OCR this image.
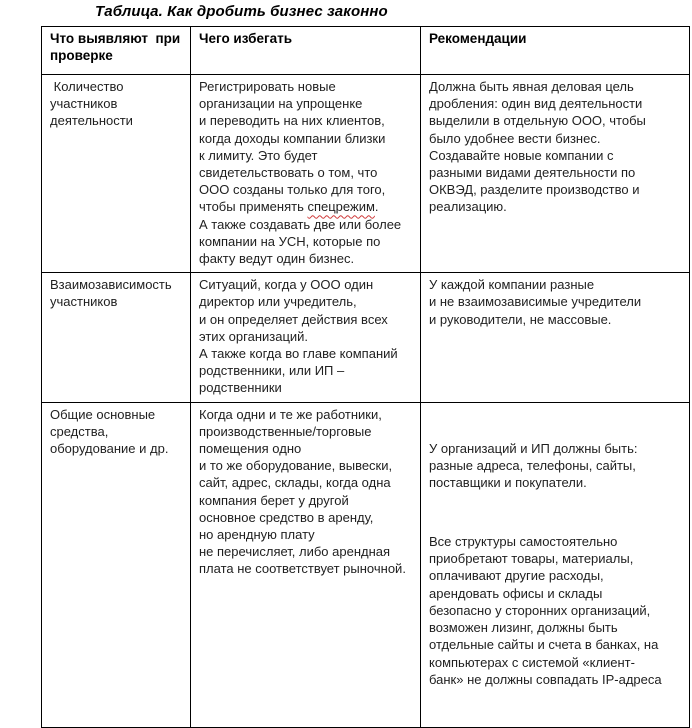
Таблица. Как дробить бизнес законно
Что выявляют  при
проверке	Чего избегать	Рекомендации
Количество
участников
деятельности	Регистрировать новые
организации на упрощенке
и переводить на них клиентов,
когда доходы компании близки
к лимиту. Это будет
свидетельствовать о том, что
ООО созданы только для того,
чтобы применять спецрежим.
А также создавать две или более
компании на УСН, которые по
факту ведут один бизнес.	Должна быть явная деловая цель
дробления: один вид деятельности
выделили в отдельную ООО, чтобы
было удобнее вести бизнес.
Создавайте новые компании с
разными видами деятельности по
ОКВЭД, разделите производство и
реализацию.
Взаимозависимость
участников	Ситуаций, когда у ООО один
директор или учредитель,
и он определяет действия всех
этих организаций.
А также когда во главе компаний
родственники, или ИП –
родственники	У каждой компании разные
и не взаимозависимые учредители
и руководители, не массовые.
Общие основные
средства,
оборудование и др.	Когда одни и те же работники,
производственные/торговые
помещения одно
и то же оборудование, вывески,
сайт, адрес, склады, когда одна
компания берет у другой
основное средство в аренду,
но арендную плату
не перечисляет, либо арендная
плата не соответствует рыночной.	

У организаций и ИП должны быть:
разные адреса, телефоны, сайты,
поставщики и покупатели.

Все структуры самостоятельно
приобретают товары, материалы,
оплачивают другие расходы,
арендовать офисы и склады
безопасно у сторонних организаций,
возможен лизинг, должны быть
отдельные сайты и счета в банках, на
компьютерах с системой «клиент-
банк» не должны совпадать IP-адреса
